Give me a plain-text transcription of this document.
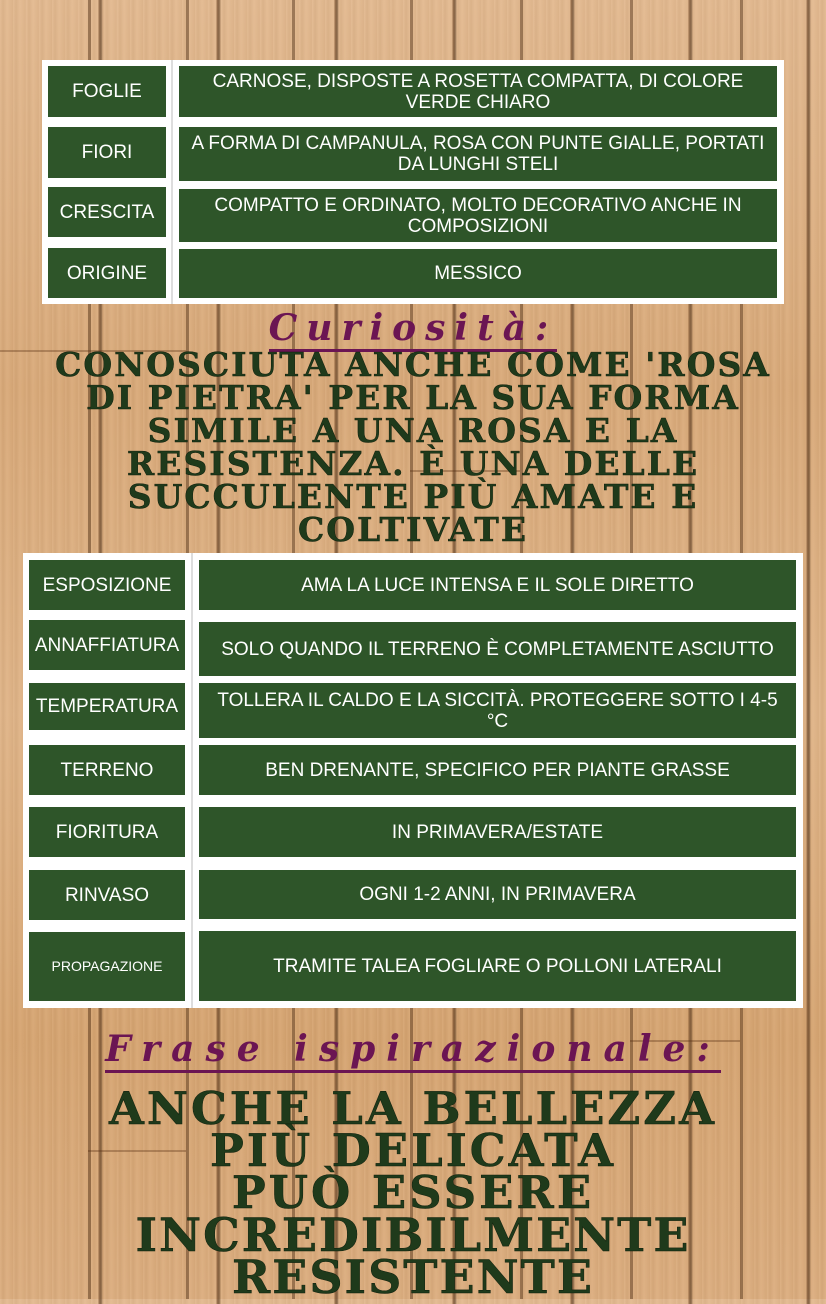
FOGLIE	CARNOSE, DISPOSTE A ROSETTA COMPATTA, DI COLORE VERDE CHIARO
FIORI	A FORMA DI CAMPANULA, ROSA CON PUNTE GIALLE, PORTATI DA LUNGHI STELI
CRESCITA	COMPATTO E ORDINATO, MOLTO DECORATIVO ANCHE IN COMPOSIZIONI
ORIGINE	MESSICO
Curiosità:
CONOSCIUTA ANCHE COME 'ROSA
DI PIETRA' PER LA SUA FORMA
SIMILE A UNA ROSA E LA
RESISTENZA. È UNA DELLE
SUCCULENTE PIÙ AMATE E
COLTIVATE
ESPOSIZIONE	AMA LA LUCE INTENSA E IL SOLE DIRETTO
ANNAFFIATURA	SOLO QUANDO IL TERRENO È COMPLETAMENTE ASCIUTTO
TEMPERATURA	TOLLERA IL CALDO E LA SICCITÀ. PROTEGGERE SOTTO I 4-5 °C
TERRENO	BEN DRENANTE, SPECIFICO PER PIANTE GRASSE
FIORITURA	IN PRIMAVERA/ESTATE
RINVASO	OGNI 1-2 ANNI, IN PRIMAVERA
PROPAGAZIONE	TRAMITE TALEA FOGLIARE O POLLONI LATERALI
Frase ispirazionale:
ANCHE LA BELLEZZA
PIÙ DELICATA
PUÒ ESSERE
INCREDIBILMENTE RESISTENTE
